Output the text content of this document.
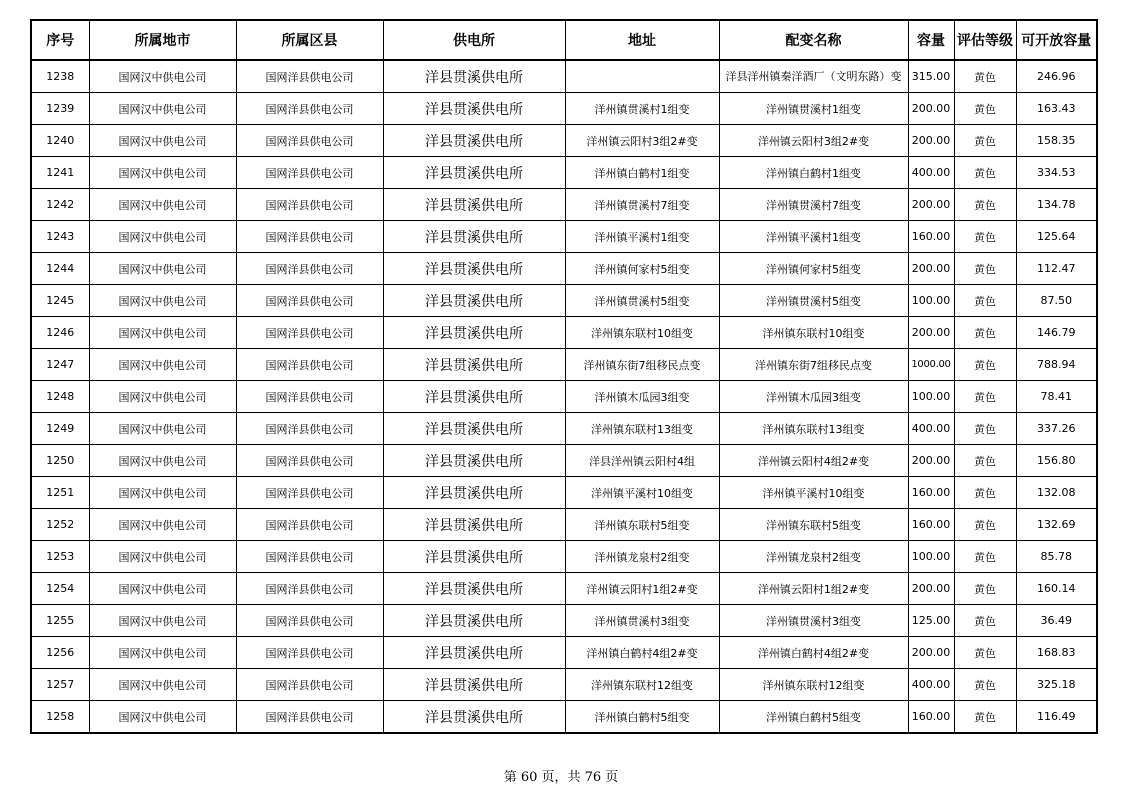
序号	所属地市	所属区县	供电所	地址	配变名称	容量	评估等级	可开放容量
1238	国网汉中供电公司	国网洋县供电公司	洋县贯溪供电所		洋县洋州镇秦洋酒厂（文明东路）变	315.00	黄色	246.96
1239	国网汉中供电公司	国网洋县供电公司	洋县贯溪供电所	洋州镇贯溪村1组变	洋州镇贯溪村1组变	200.00	黄色	163.43
1240	国网汉中供电公司	国网洋县供电公司	洋县贯溪供电所	洋州镇云阳村3组2#变	洋州镇云阳村3组2#变	200.00	黄色	158.35
1241	国网汉中供电公司	国网洋县供电公司	洋县贯溪供电所	洋州镇白鹤村1组变	洋州镇白鹤村1组变	400.00	黄色	334.53
1242	国网汉中供电公司	国网洋县供电公司	洋县贯溪供电所	洋州镇贯溪村7组变	洋州镇贯溪村7组变	200.00	黄色	134.78
1243	国网汉中供电公司	国网洋县供电公司	洋县贯溪供电所	洋州镇平溪村1组变	洋州镇平溪村1组变	160.00	黄色	125.64
1244	国网汉中供电公司	国网洋县供电公司	洋县贯溪供电所	洋州镇何家村5组变	洋州镇何家村5组变	200.00	黄色	112.47
1245	国网汉中供电公司	国网洋县供电公司	洋县贯溪供电所	洋州镇贯溪村5组变	洋州镇贯溪村5组变	100.00	黄色	87.50
1246	国网汉中供电公司	国网洋县供电公司	洋县贯溪供电所	洋州镇东联村10组变	洋州镇东联村10组变	200.00	黄色	146.79
1247	国网汉中供电公司	国网洋县供电公司	洋县贯溪供电所	洋州镇东街7组移民点变	洋州镇东街7组移民点变	1000.00	黄色	788.94
1248	国网汉中供电公司	国网洋县供电公司	洋县贯溪供电所	洋州镇木瓜园3组变	洋州镇木瓜园3组变	100.00	黄色	78.41
1249	国网汉中供电公司	国网洋县供电公司	洋县贯溪供电所	洋州镇东联村13组变	洋州镇东联村13组变	400.00	黄色	337.26
1250	国网汉中供电公司	国网洋县供电公司	洋县贯溪供电所	洋县洋州镇云阳村4组	洋州镇云阳村4组2#变	200.00	黄色	156.80
1251	国网汉中供电公司	国网洋县供电公司	洋县贯溪供电所	洋州镇平溪村10组变	洋州镇平溪村10组变	160.00	黄色	132.08
1252	国网汉中供电公司	国网洋县供电公司	洋县贯溪供电所	洋州镇东联村5组变	洋州镇东联村5组变	160.00	黄色	132.69
1253	国网汉中供电公司	国网洋县供电公司	洋县贯溪供电所	洋州镇龙泉村2组变	洋州镇龙泉村2组变	100.00	黄色	85.78
1254	国网汉中供电公司	国网洋县供电公司	洋县贯溪供电所	洋州镇云阳村1组2#变	洋州镇云阳村1组2#变	200.00	黄色	160.14
1255	国网汉中供电公司	国网洋县供电公司	洋县贯溪供电所	洋州镇贯溪村3组变	洋州镇贯溪村3组变	125.00	黄色	36.49
1256	国网汉中供电公司	国网洋县供电公司	洋县贯溪供电所	洋州镇白鹤村4组2#变	洋州镇白鹤村4组2#变	200.00	黄色	168.83
1257	国网汉中供电公司	国网洋县供电公司	洋县贯溪供电所	洋州镇东联村12组变	洋州镇东联村12组变	400.00	黄色	325.18
1258	国网汉中供电公司	国网洋县供电公司	洋县贯溪供电所	洋州镇白鹤村5组变	洋州镇白鹤村5组变	160.00	黄色	116.49
第 60 页，共 76 页
